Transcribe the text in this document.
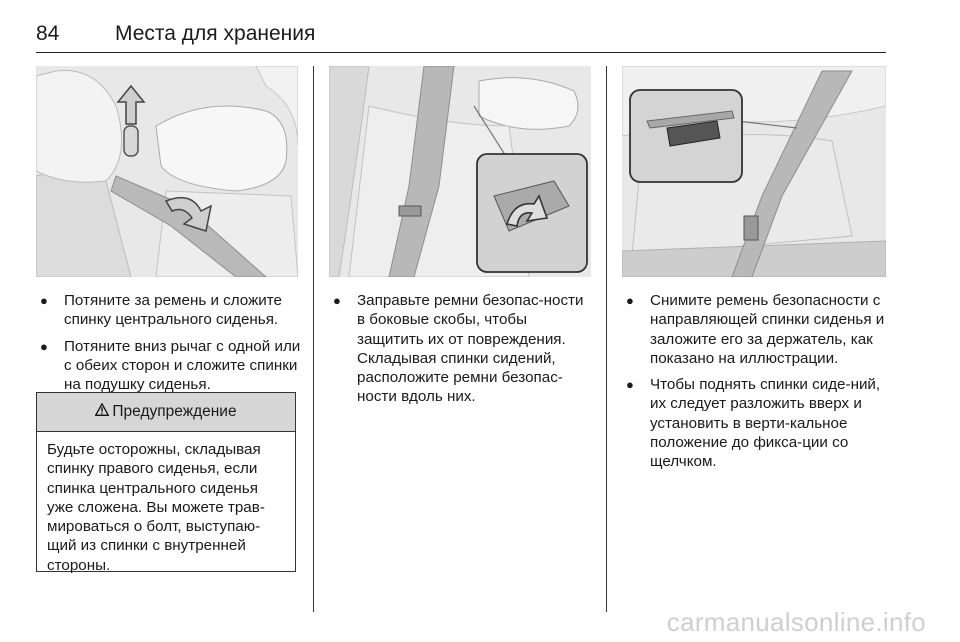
84	Места для хранения
● Потяните за ремень и сложите спинку центрального сиденья.
● Потяните вниз рычаг с одной или с обеих сторон и сложите спинки на подушку сиденья.
Предупреждение
Будьте осторожны, складывая спинку правого сиденья, если спинка центрального сиденья уже сложена. Вы можете трав‐мироваться о болт, выступаю‐щий из спинки с внутренней стороны.
● Заправьте ремни безопас‐ности в боковые скобы, чтобы защитить их от повреждения. Складывая спинки сидений, расположите ремни безопас‐ности вдоль них.
● Снимите ремень безопасности с направляющей спинки сиденья и заложите его за держатель, как показано на иллюстрации.
● Чтобы поднять спинки сиде‐ний, их следует разложить вверх и установить в верти‐кальное положение до фикса‐ции со щелчком.
carmanualsonline.info
